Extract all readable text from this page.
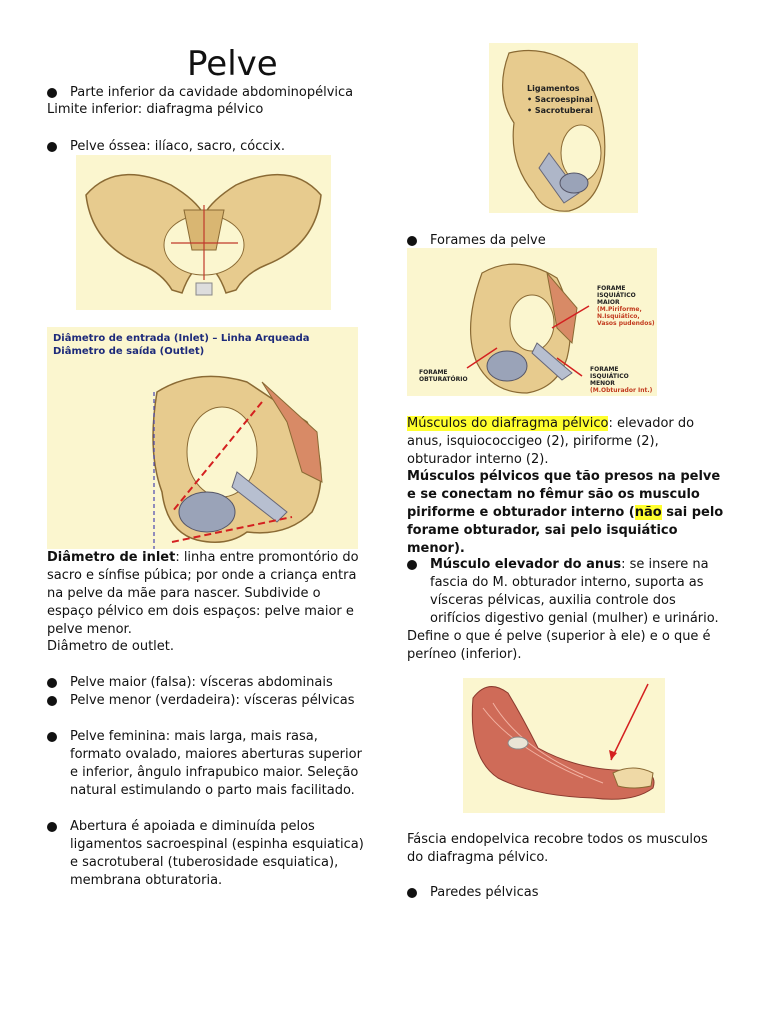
Pelve
Parte inferior da cavidade abdominopélvica
Limite inferior: diafragma pélvico
Pelve óssea: ilíaco, sacro, cóccix.
Diâmetro de entrada (Inlet) – Linha Arqueada
Diâmetro de saída (Outlet)
Diâmetro de inlet: linha entre promontório do sacro e sínfise púbica; por onde a criança entra na pelve da mãe para nascer. Subdivide o espaço pélvico em dois espaços: pelve maior e pelve menor.
Diâmetro de outlet.
Pelve maior (falsa): vísceras abdominais
Pelve menor (verdadeira): vísceras pélvicas
Pelve feminina: mais larga, mais rasa, formato ovalado, maiores aberturas superior e inferior, ângulo infrapubico maior. Seleção natural estimulando o parto mais facilitado.
Abertura é apoiada e diminuída pelos ligamentos sacroespinal (espinha esquiatica) e sacrotuberal (tuberosidade esquiatica), membrana obturatoria.
Ligamentos
• Sacroespinal
• Sacrotuberal
Forames da pelve
FORAME
ISQUIÁTICO
MAIOR
(M.Piriforme,
N.Isquiático,
Vasos pudendos)
FORAME
OBTURATÓRIO
FORAME
ISQUIÁTICO
MENOR
(M.Obturador Int.)
Músculos do diafragma pélvico: elevador do anus, isquiococcigeo (2), piriforme (2), obturador interno (2).
Músculos pélvicos que tão presos na pelve e se conectam no fêmur são os musculo piriforme e obturador interno (não sai pelo forame obturador, sai pelo isquiático menor).
Músculo elevador do anus: se insere na fascia do M. obturador interno, suporta as vísceras pélvicas, auxilia controle dos orifícios digestivo genial (mulher) e urinário.
Define o que é pelve (superior à ele) e o que é períneo (inferior).
Fáscia endopelvica recobre todos os musculos do diafragma pélvico.
Paredes pélvicas
